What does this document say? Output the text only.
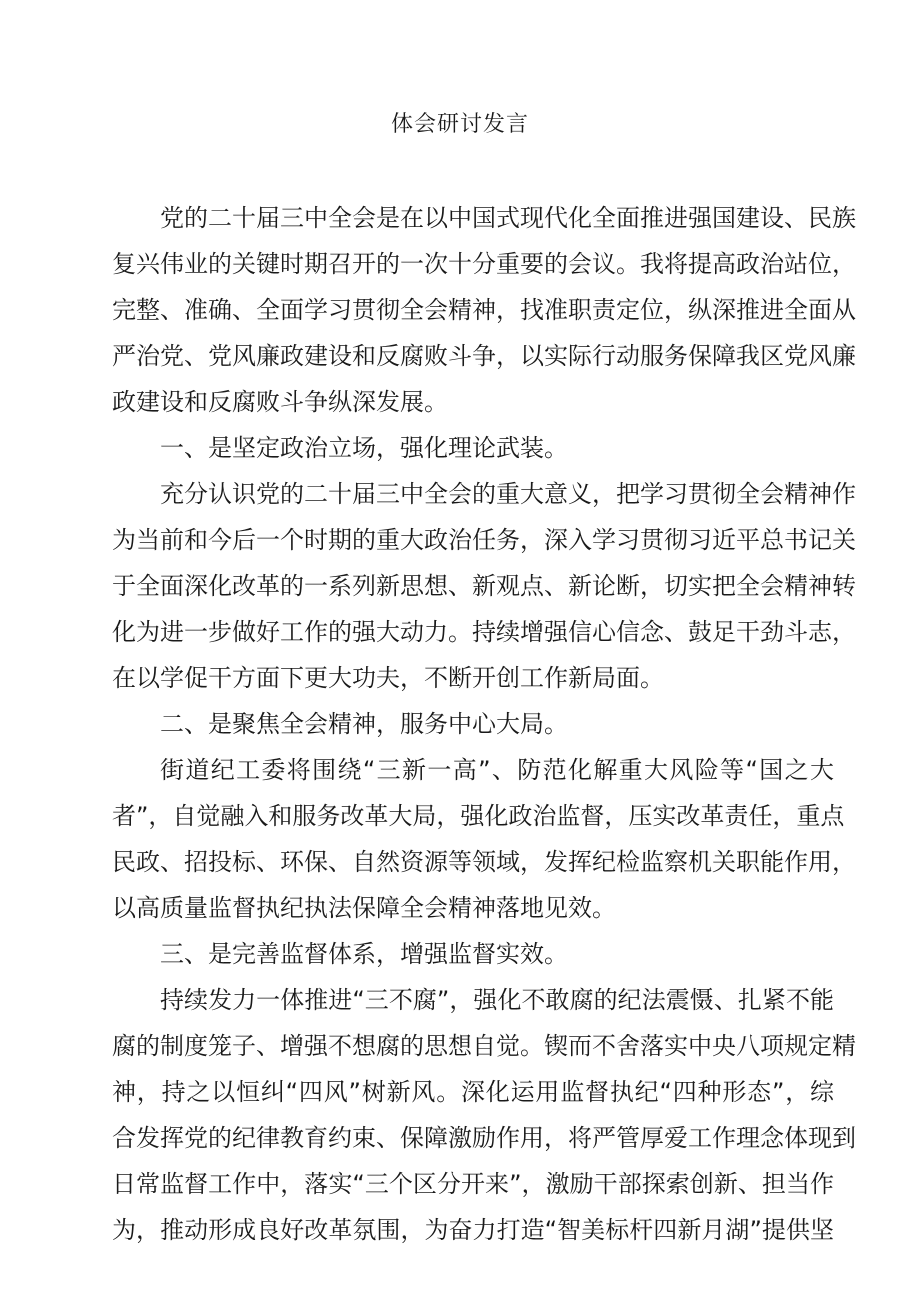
体会研讨发言
党的二十届三中全会是在以中国式现代化全面推进强国建设、民族
复兴伟业的关键时期召开的一次十分重要的会议。我将提高政治站位，
完整、准确、全面学习贯彻全会精神，找准职责定位，纵深推进全面从
严治党、党风廉政建设和反腐败斗争，以实际行动服务保障我区党风廉
政建设和反腐败斗争纵深发展。
一、是坚定政治立场，强化理论武装。
充分认识党的二十届三中全会的重大意义，把学习贯彻全会精神作
为当前和今后一个时期的重大政治任务，深入学习贯彻习近平总书记关
于全面深化改革的一系列新思想、新观点、新论断，切实把全会精神转
化为进一步做好工作的强大动力。持续增强信心信念、鼓足干劲斗志，
在以学促干方面下更大功夫，不断开创工作新局面。
二、是聚焦全会精神，服务中心大局。
街道纪工委将围绕“三新一高”、防范化解重大风险等“国之大
者”，自觉融入和服务改革大局，强化政治监督，压实改革责任，重点
民政、招投标、环保、自然资源等领域，发挥纪检监察机关职能作用，
以高质量监督执纪执法保障全会精神落地见效。
三、是完善监督体系，增强监督实效。
持续发力一体推进“三不腐”，强化不敢腐的纪法震慑、扎紧不能
腐的制度笼子、增强不想腐的思想自觉。锲而不舍落实中央八项规定精
神，持之以恒纠“四风”树新风。深化运用监督执纪“四种形态”，综
合发挥党的纪律教育约束、保障激励作用，将严管厚爱工作理念体现到
日常监督工作中，落实“三个区分开来”，激励干部探索创新、担当作
为，推动形成良好改革氛围，为奋力打造“智美标杆四新月湖”提供坚
